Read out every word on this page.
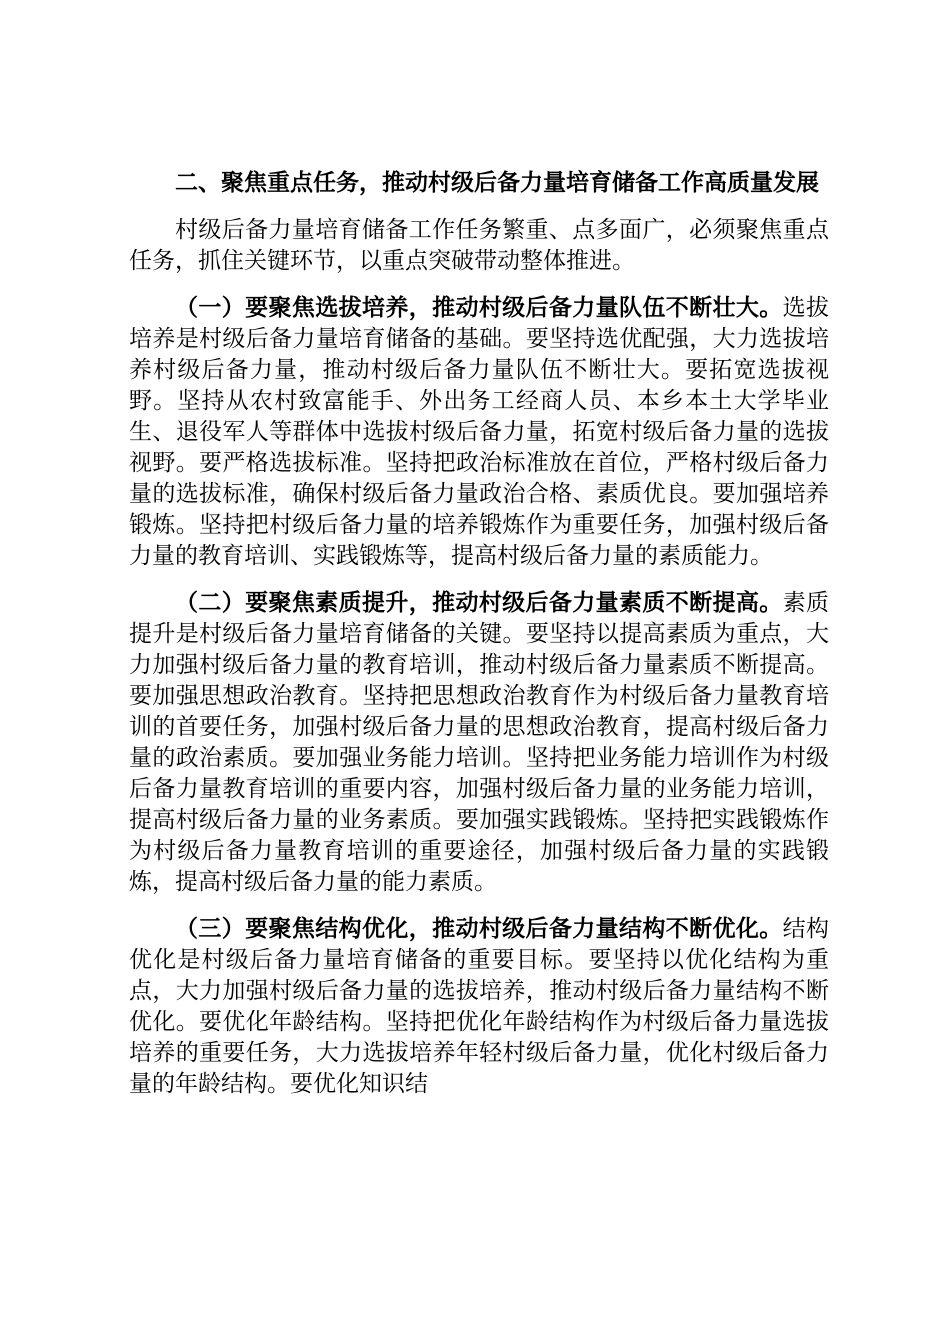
二、聚焦重点任务，推动村级后备力量培育储备工作高质量发展

村级后备力量培育储备工作任务繁重、点多面广，必须聚焦重点任务，抓住关键环节，以重点突破带动整体推进。

（一）要聚焦选拔培养，推动村级后备力量队伍不断壮大。选拔培养是村级后备力量培育储备的基础。要坚持选优配强，大力选拔培养村级后备力量，推动村级后备力量队伍不断壮大。要拓宽选拔视野。坚持从农村致富能手、外出务工经商人员、本乡本土大学毕业生、退役军人等群体中选拔村级后备力量，拓宽村级后备力量的选拔视野。要严格选拔标准。坚持把政治标准放在首位，严格村级后备力量的选拔标准，确保村级后备力量政治合格、素质优良。要加强培养锻炼。坚持把村级后备力量的培养锻炼作为重要任务，加强村级后备力量的教育培训、实践锻炼等，提高村级后备力量的素质能力。

（二）要聚焦素质提升，推动村级后备力量素质不断提高。素质提升是村级后备力量培育储备的关键。要坚持以提高素质为重点，大力加强村级后备力量的教育培训，推动村级后备力量素质不断提高。要加强思想政治教育。坚持把思想政治教育作为村级后备力量教育培训的首要任务，加强村级后备力量的思想政治教育，提高村级后备力量的政治素质。要加强业务能力培训。坚持把业务能力培训作为村级后备力量教育培训的重要内容，加强村级后备力量的业务能力培训，提高村级后备力量的业务素质。要加强实践锻炼。坚持把实践锻炼作为村级后备力量教育培训的重要途径，加强村级后备力量的实践锻炼，提高村级后备力量的能力素质。

（三）要聚焦结构优化，推动村级后备力量结构不断优化。结构优化是村级后备力量培育储备的重要目标。要坚持以优化结构为重点，大力加强村级后备力量的选拔培养，推动村级后备力量结构不断优化。要优化年龄结构。坚持把优化年龄结构作为村级后备力量选拔培养的重要任务，大力选拔培养年轻村级后备力量，优化村级后备力量的年龄结构。要优化知识结
